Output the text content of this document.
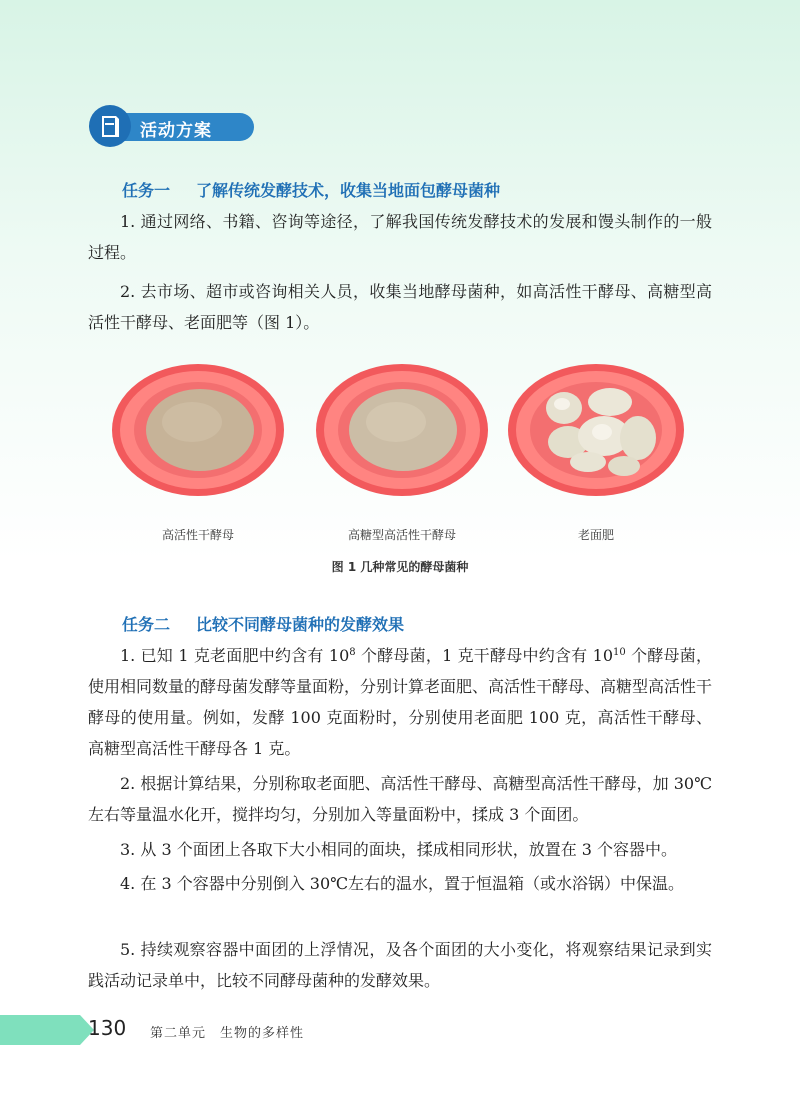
活动方案
任务一 了解传统发酵技术，收集当地面包酵母菌种

1. 通过网络、书籍、咨询等途径，了解我国传统发酵技术的发展和馒头制作的一般过程。

2. 去市场、超市或咨询相关人员，收集当地酵母菌种，如高活性干酵母、高糖型高活性干酵母、老面肥等（图 1）。

高活性干酵母	高糖型高活性干酵母	老面肥
图 1 几种常见的酵母菌种
任务二 比较不同酵母菌种的发酵效果

1. 已知 1 克老面肥中约含有 $10^8$ 个酵母菌，1 克干酵母中约含有 $10^{10}$ 个酵母菌，使用相同数量的酵母菌发酵等量面粉，分别计算老面肥、高活性干酵母、高糖型高活性干酵母的使用量。例如，发酵 100 克面粉时，分别使用老面肥 100 克，高活性干酵母、高糖型高活性干酵母各 1 克。

2. 根据计算结果，分别称取老面肥、高活性干酵母、高糖型高活性干酵母，加 30℃左右等量温水化开，搅拌均匀，分别加入等量面粉中，揉成 3 个面团。

3. 从 3 个面团上各取下大小相同的面块，揉成相同形状，放置在 3 个容器中。

4. 在 3 个容器中分别倒入 30℃左右的温水，置于恒温箱（或水浴锅）中保温。

5. 持续观察容器中面团的上浮情况，及各个面团的大小变化，将观察结果记录到实践活动记录单中，比较不同酵母菌种的发酵效果。

130 第二单元 生物的多样性
